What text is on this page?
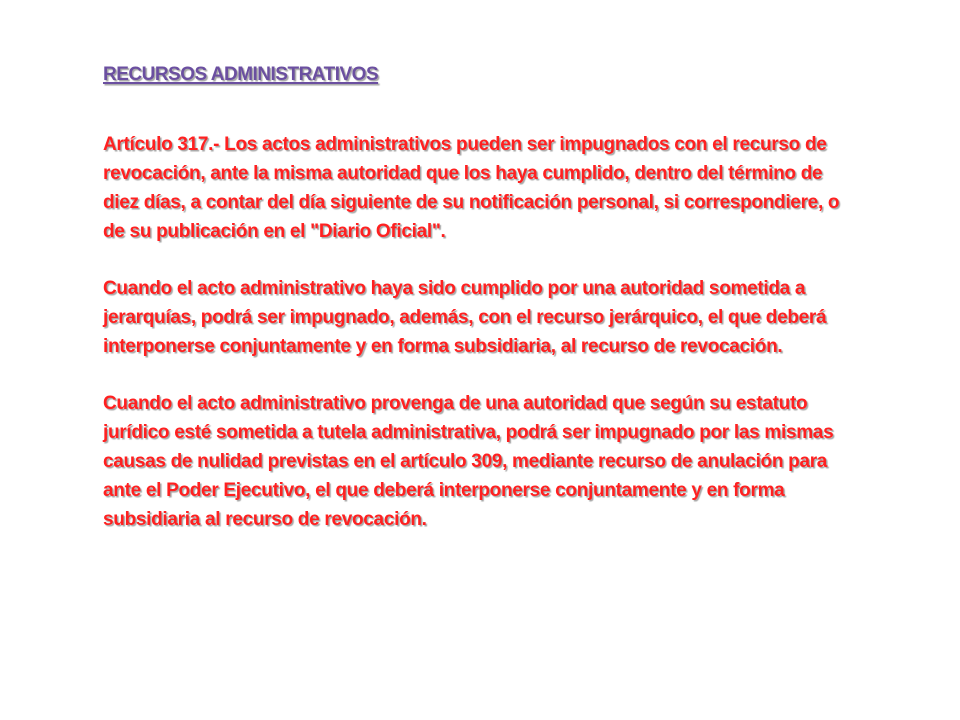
RECURSOS ADMINISTRATIVOS

Artículo 317.- Los actos administrativos pueden ser impugnados con el recurso de revocación, ante la misma autoridad que los haya cumplido, dentro del término de diez días, a contar del día siguiente de su notificación personal, si correspondiere, o de su publicación en el "Diario Oficial".

Cuando el acto administrativo haya sido cumplido por una autoridad sometida a jerarquías, podrá ser impugnado, además, con el recurso jerárquico, el que deberá interponerse conjuntamente y en forma subsidiaria, al recurso de revocación.

Cuando el acto administrativo provenga de una autoridad que según su estatuto jurídico esté sometida a tutela administrativa, podrá ser impugnado por las mismas causas de nulidad previstas en el artículo 309, mediante recurso de anulación para ante el Poder Ejecutivo, el que deberá interponerse conjuntamente y en forma subsidiaria al recurso de revocación.
